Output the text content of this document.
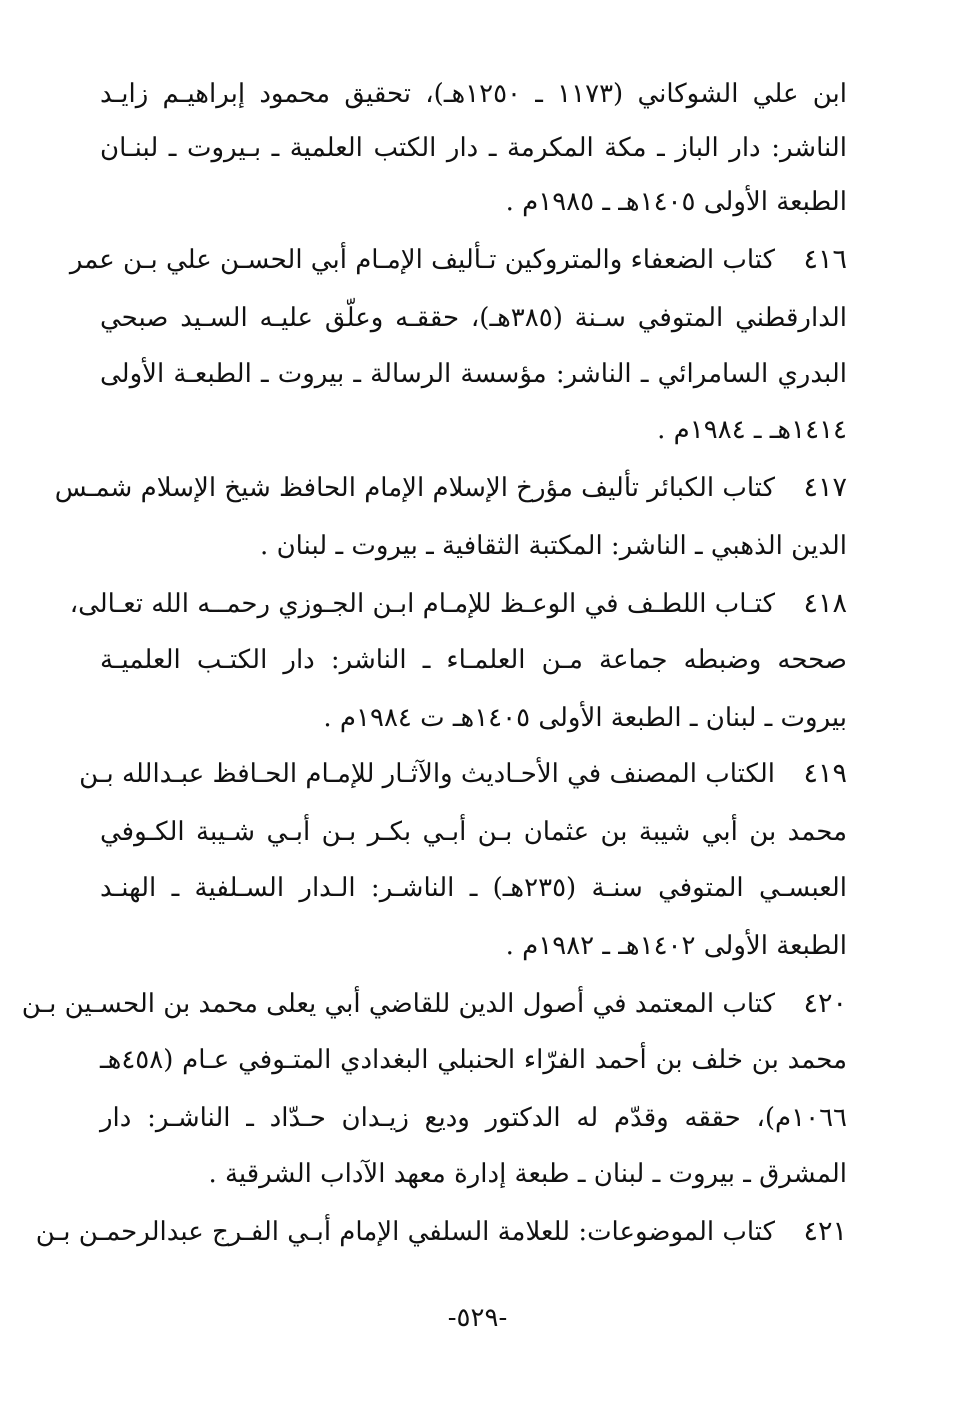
ابن علي الشوكاني (١١٧٣ ـ ١٢٥٠هـ)، تحقيق محمود إبراهيـم زايـد
الناشر: دار الباز ـ مكة المكرمة ـ دار الكتب العلمية ـ بـيروت ـ لبنـان
الطبعة الأولى ١٤٠٥هـ ـ ١٩٨٥م .
٤١٦
كتاب الضعفاء والمتروكين تـأليف الإمـام أبي الحسـن علي بـن عمر
الدارقطني المتوفي سـنة (٣٨٥هـ)، حققـه وعلّق عليـه السـيد صبحي
البدري السامرائي ـ الناشر: مؤسسة الرسالة ـ بيروت ـ الطبعـة الأولى
١٤١٤هـ ـ ١٩٨٤م .
٤١٧
كتاب الكبائر تأليف مؤرخ الإسلام الإمام الحافظ شيخ الإسلام شمـس
الدين الذهبي ـ الناشر: المكتبة الثقافية ـ بيروت ـ لبنان .
٤١٨
كتـاب اللطـف في الوعـظ للإمـام ابـن الجـوزي رحمــه الله تعـالى،
صححه وضبطه جماعة مـن العلمـاء ـ الناشر: دار الكتـب العلميـة
بيروت ـ لبنان ـ الطبعة الأولى ١٤٠٥هـ ت ١٩٨٤م .
٤١٩
الكتاب المصنف في الأحـاديث والآثـار للإمـام الحـافظ عبـدالله بـن
محمد بن أبي شيبة بن عثمان بـن أبـي بكـر بـن أبـي شـيبة الكـوفي
العبسـي المتوفي سنـة (٢٣٥هـ) ـ الناشـر: الـدار السـلفية ـ الهنـد
الطبعة الأولى ١٤٠٢هـ ـ ١٩٨٢م .
٤٢٠
كتاب المعتمد في أصول الدين للقاضي أبي يعلى محمد بن الحسـين بـن
محمد بن خلف بن أحمد الفرّاء الحنبلي البغدادي المتـوفي عـام (٤٥٨هـ
١٠٦٦م)، حققه وقدّم له الدكتور وديع زيـدان حـدّاد ـ الناشـر: دار
المشرق ـ بيروت ـ لبنان ـ طبعة إدارة معهد الآداب الشرقية .
٤٢١
كتاب الموضوعات: للعلامة السلفي الإمام أبـي الفـرج عبدالرحمـن بـن
-٥٢٩-
